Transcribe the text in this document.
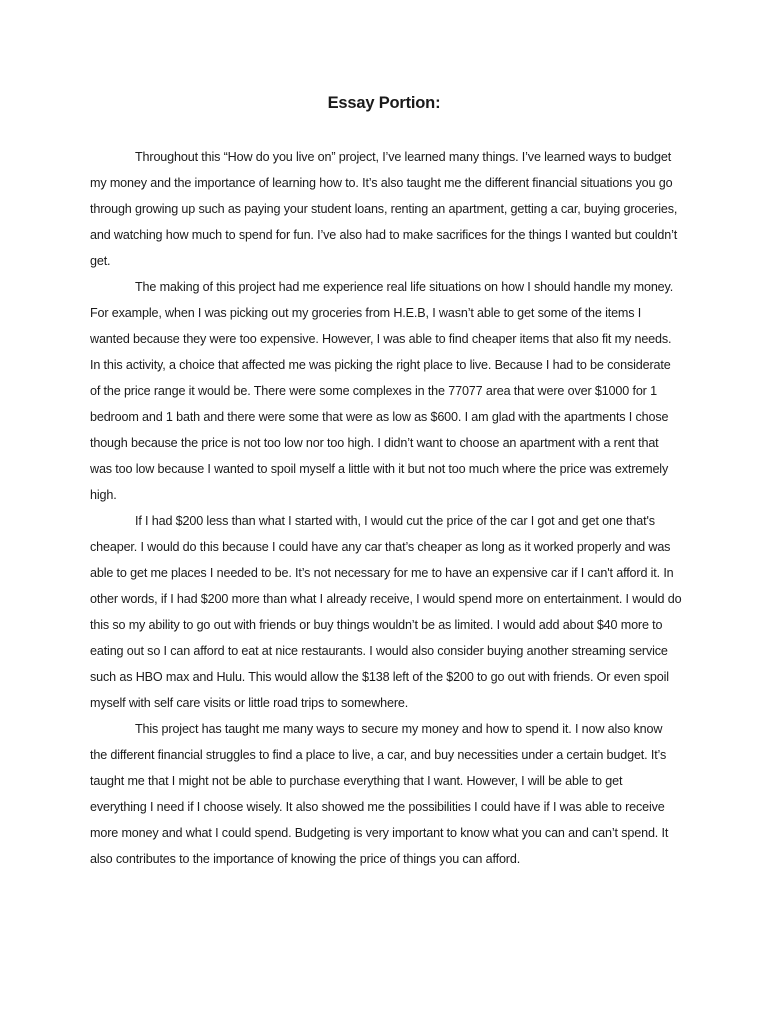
Essay Portion:

Throughout this “How do you live on” project, I’ve learned many things. I’ve learned ways to budget my money and the importance of learning how to. It’s also taught me the different financial situations you go through growing up such as paying your student loans, renting an apartment, getting a car, buying groceries, and watching how much to spend for fun. I’ve also had to make sacrifices for the things I wanted but couldn’t get.

The making of this project had me experience real life situations on how I should handle my money. For example, when I was picking out my groceries from H.E.B, I wasn’t able to get some of the items I wanted because they were too expensive. However, I was able to find cheaper items that also fit my needs. In this activity, a choice that affected me was picking the right place to live. Because I had to be considerate of the price range it would be. There were some complexes in the 77077 area that were over $1000 for 1 bedroom and 1 bath and there were some that were as low as $600. I am glad with the apartments I chose though because the price is not too low nor too high. I didn’t want to choose an apartment with a rent that was too low because I wanted to spoil myself a little with it but not too much where the price was extremely high.

If I had $200 less than what I started with, I would cut the price of the car I got and get one that's cheaper. I would do this because I could have any car that’s cheaper as long as it worked properly and was able to get me places I needed to be. It’s not necessary for me to have an expensive car if I can't afford it. In other words, if I had $200 more than what I already receive, I would spend more on entertainment. I would do this so my ability to go out with friends or buy things wouldn’t be as limited. I would add about $40 more to eating out so I can afford to eat at nice restaurants. I would also consider buying another streaming service such as HBO max and Hulu. This would allow the $138 left of the $200 to go out with friends. Or even spoil myself with self care visits or little road trips to somewhere.

This project has taught me many ways to secure my money and how to spend it. I now also know the different financial struggles to find a place to live, a car, and buy necessities under a certain budget. It’s taught me that I might not be able to purchase everything that I want. However, I will be able to get everything I need if I choose wisely. It also showed me the possibilities I could have if I was able to receive more money and what I could spend. Budgeting is very important to know what you can and can’t spend. It also contributes to the importance of knowing the price of things you can afford.
